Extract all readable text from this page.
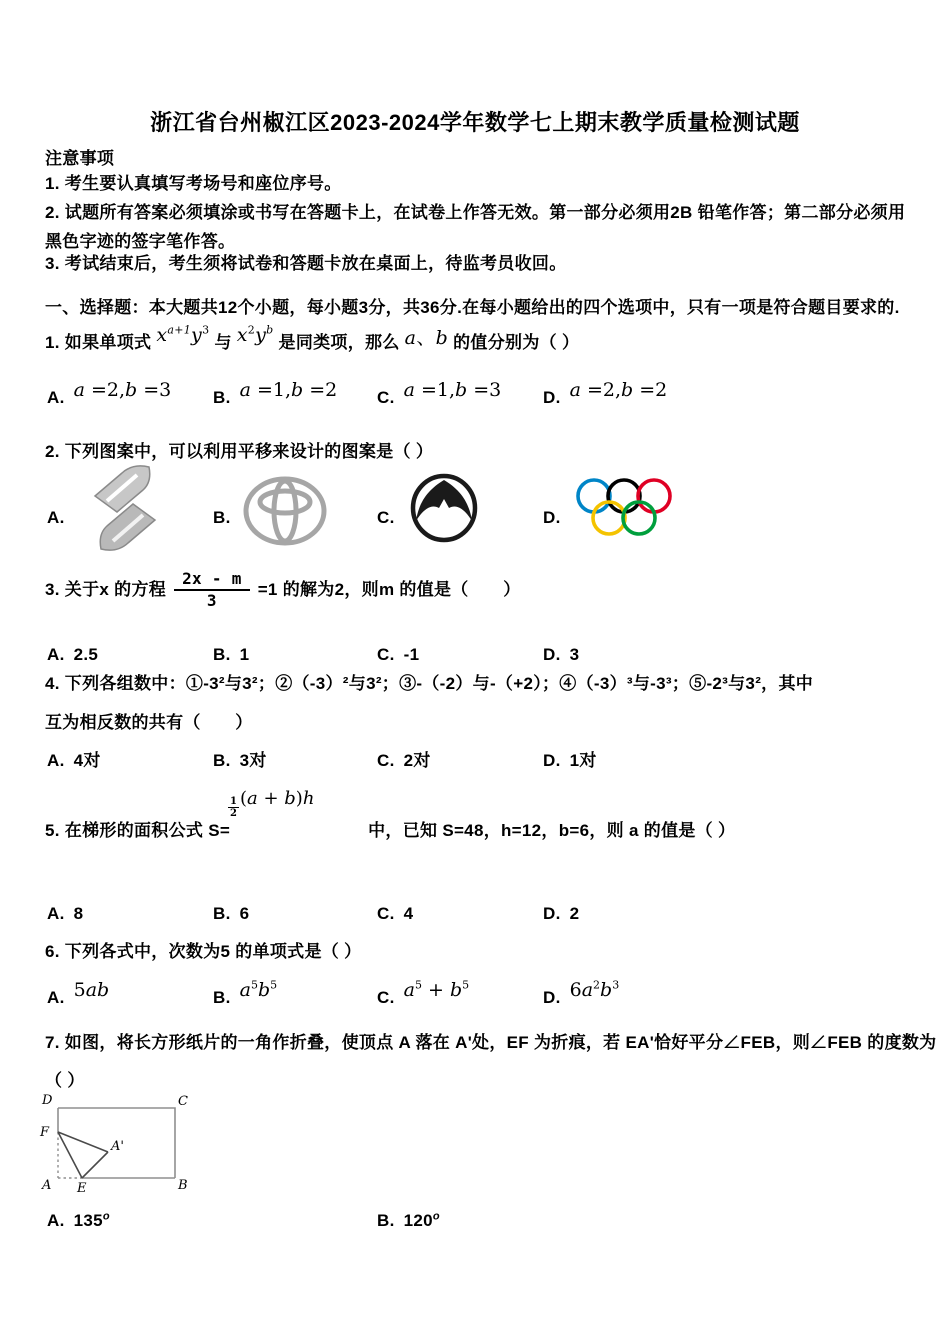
浙江省台州椒江区2023-2024学年数学七上期末教学质量检测试题
注意事项
1. 考生要认真填写考场号和座位序号。
2. 试题所有答案必须填涂或书写在答题卡上，在试卷上作答无效。第一部分必须用2B 铅笔作答；第二部分必须用黑色字迹的签字笔作答。
3. 考试结束后，考生须将试卷和答题卡放在桌面上，待监考员收回。
一、选择题：本大题共12个小题，每小题3分，共36分.在每小题给出的四个选项中，只有一项是符合题目要求的.
1. 如果单项式 $x^{a+1}y^3$ 与 $x^2y^b$ 是同类项，那么 a、b 的值分别为（ ）
A. a =2,b =3 B. a =1,b =2 C. a =1,b =3 D. a =2,b =2
2. 下列图案中，可以利用平移来设计的图案是（ ）
A.	B.	C.	D.
3. 关于x 的方程 $\frac{2x - m}{3} =1$ 的解为2，则m 的值是（　　）
A. 2.5	B. 1	C. -1	D. 3
4. 下列各组数中：①-3²与3²；②（-3）²与3²；③-（-2）与-（+2）；④（-3）³与-3³；⑤-2³与3²，其中
互为相反数的共有（　　）
A. 4对	B. 3对	C. 2对	D. 1对
$\frac{1}{2} (a + b)h$
5. 在梯形的面积公式 S=	中，已知 S=48，h=12，b=6，则 a 的值是（ ）
A. 8	B. 6	C. 4	D. 2
6. 下列各式中，次数为5 的单项式是（ ）
A. 5ab	B. $a^5b^5$
C. $a^5 + b^5$
D. $6a^2b^3$
7. 如图，将长方形纸片的一角作折叠，使顶点 A 落在 A'处，EF 为折痕，若 EA'恰好平分∠FEB，则∠FEB 的度数为
（ ）
D	C
F
A'
A E	B
A. 135$^o$	B. 120$^o$
